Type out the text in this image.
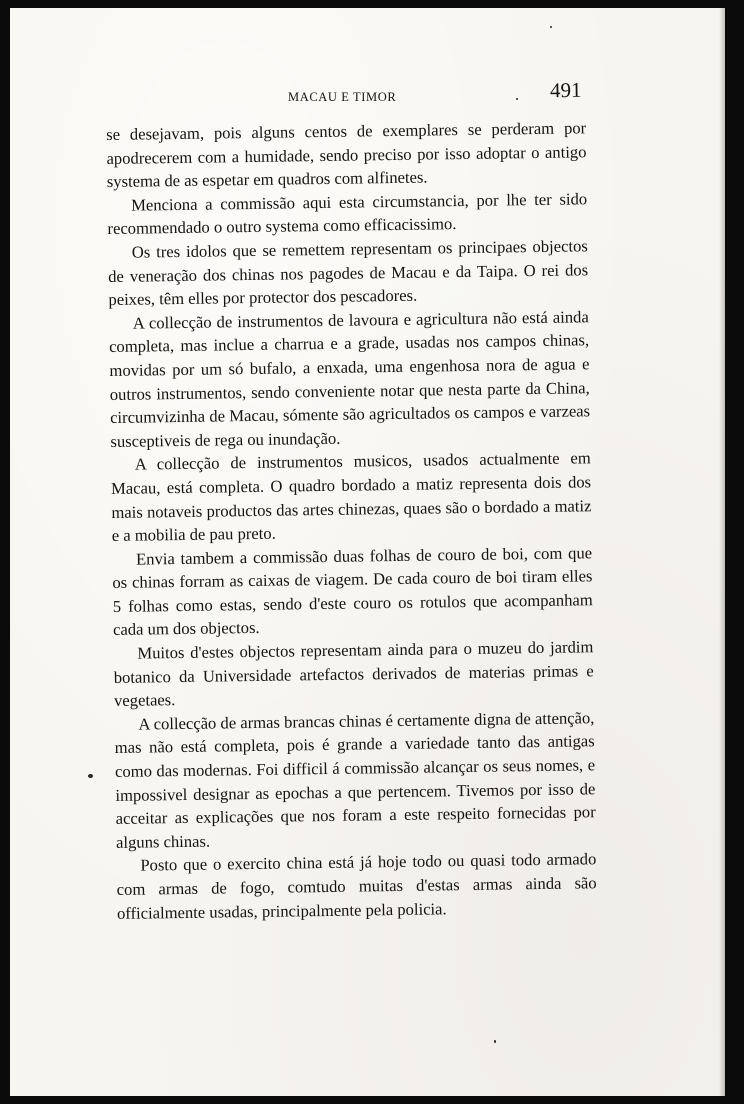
MACAU E TIMOR	491

se desejavam, pois alguns centos de exemplares se perderam por apodrecerem com a humidade, sendo preciso por isso adoptar o antigo systema de as espetar em quadros com alfinetes.

Menciona a commissão aqui esta circumstancia, por lhe ter sido recommendado o outro systema como efficacissimo.

Os tres idolos que se remettem representam os principaes objectos de veneração dos chinas nos pagodes de Macau e da Taipa. O rei dos peixes, têm elles por protector dos pescadores.

A collecção de instrumentos de lavoura e agricultura não está ainda completa, mas inclue a charrua e a grade, usadas nos campos chinas, movidas por um só bufalo, a enxada, uma engenhosa nora de agua e outros instrumentos, sendo conveniente notar que nesta parte da China, circumvizinha de Macau, sómente são agricultados os campos e varzeas susceptiveis de rega ou inundação.

A collecção de instrumentos musicos, usados actualmente em Macau, está completa. O quadro bordado a matiz representa dois dos mais notaveis productos das artes chinezas, quaes são o bordado a matiz e a mobilia de pau preto.

Envia tambem a commissão duas folhas de couro de boi, com que os chinas forram as caixas de viagem. De cada couro de boi tiram elles 5 folhas como estas, sendo d'este couro os rotulos que acompanham cada um dos objectos.

Muitos d'estes objectos representam ainda para o muzeu do jardim botanico da Universidade artefactos derivados de materias primas e vegetaes.

A collecção de armas brancas chinas é certamente digna de attenção, mas não está completa, pois é grande a variedade tanto das antigas como das modernas. Foi difficil á commissão alcançar os seus nomes, e impossivel designar as epochas a que pertencem. Tivemos por isso de acceitar as explicações que nos foram a este respeito fornecidas por alguns chinas.

Posto que o exercito china está já hoje todo ou quasi todo armado com armas de fogo, comtudo muitas d'estas armas ainda são officialmente usadas, principalmente pela policia.
